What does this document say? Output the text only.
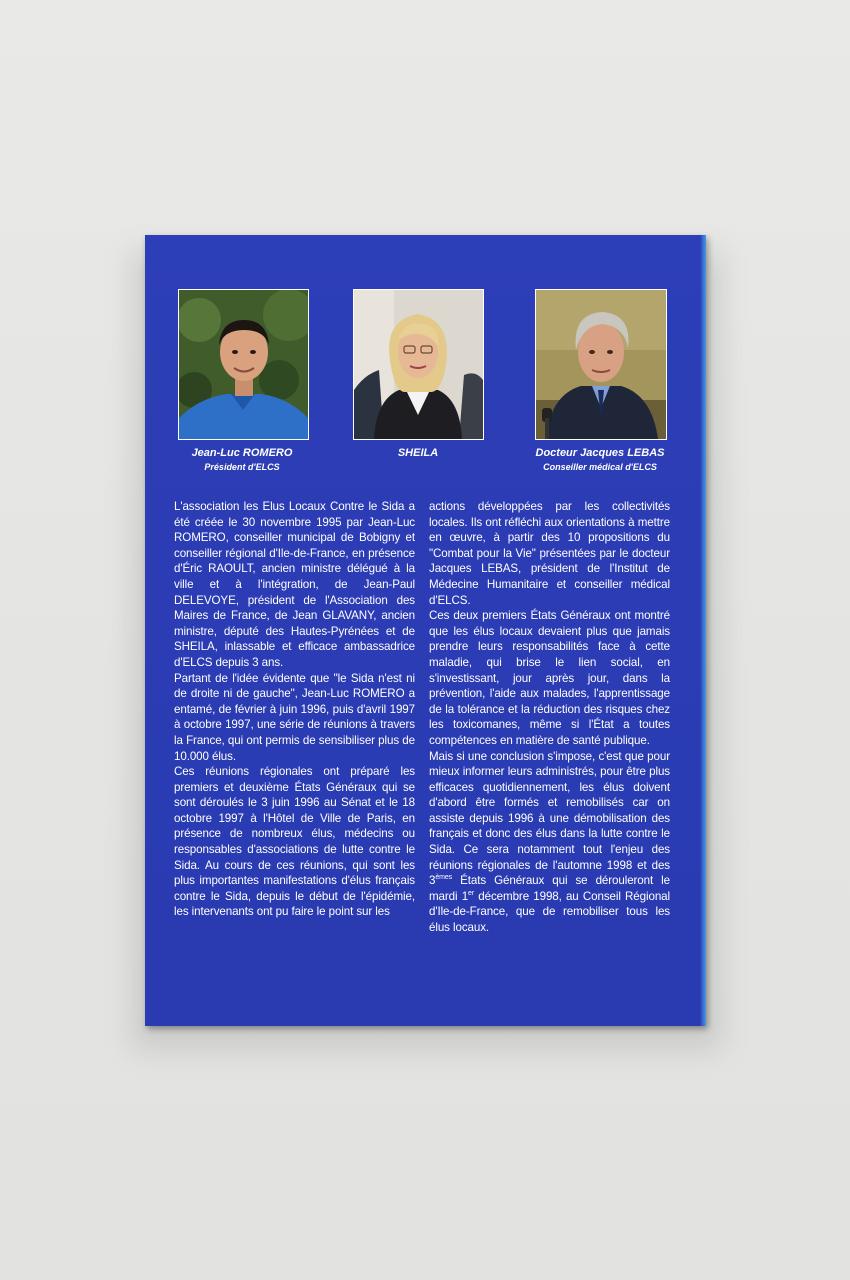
Jean-Luc ROMERO
Président d'ELCS
SHEILA	Docteur Jacques LEBAS
Conseiller médical d'ELCS

L'association les Elus Locaux Contre le Sida a été créée le 30 novembre 1995 par Jean-Luc ROMERO, conseiller municipal de Bobigny et conseiller régional d'Ile-de-France, en présence d'Éric RAOULT, ancien ministre délégué à la ville et à l'intégration, de Jean-Paul DELEVOYE, président de l'Association des Maires de France, de Jean GLAVANY, ancien ministre, député des Hautes-Pyrénées et de SHEILA, inlassable et efficace ambassadrice d'ELCS depuis 3 ans.

Partant de l'idée évidente que "le Sida n'est ni de droite ni de gauche", Jean-Luc ROMERO a entamé, de février à juin 1996, puis d'avril 1997 à octobre 1997, une série de réunions à travers la France, qui ont permis de sensibiliser plus de 10.000 élus.

Ces réunions régionales ont préparé les premiers et deuxième États Généraux qui se sont déroulés le 3 juin 1996 au Sénat et le 18 octobre 1997 à l'Hôtel de Ville de Paris, en présence de nombreux élus, médecins ou responsables d'associations de lutte contre le Sida. Au cours de ces réunions, qui sont les plus importantes manifestations d'élus français contre le Sida, depuis le début de l'épidémie, les intervenants ont pu faire le point sur les

actions développées par les collectivités locales. Ils ont réfléchi aux orientations à mettre en œuvre, à partir des 10 propositions du "Combat pour la Vie" présentées par le docteur Jacques LEBAS, président de l'Institut de Médecine Humanitaire et conseiller médical d'ELCS.

Ces deux premiers États Généraux ont montré que les élus locaux devaient plus que jamais prendre leurs responsabilités face à cette maladie, qui brise le lien social, en s'investissant, jour après jour, dans la prévention, l'aide aux malades, l'apprentissage de la tolérance et la réduction des risques chez les toxicomanes, même si l'État a toutes compétences en matière de santé publique.

Mais si une conclusion s'impose, c'est que pour mieux informer leurs administrés, pour être plus efficaces quotidiennement, les élus doivent d'abord être formés et remobilisés car on assiste depuis 1996 à une démobilisation des français et donc des élus dans la lutte contre le Sida. Ce sera notamment tout l'enjeu des réunions régionales de l'automne 1998 et des 3èmes États Généraux qui se dérouleront le mardi 1er décembre 1998, au Conseil Régional d'Ile-de-France, que de remobiliser tous les élus locaux.
